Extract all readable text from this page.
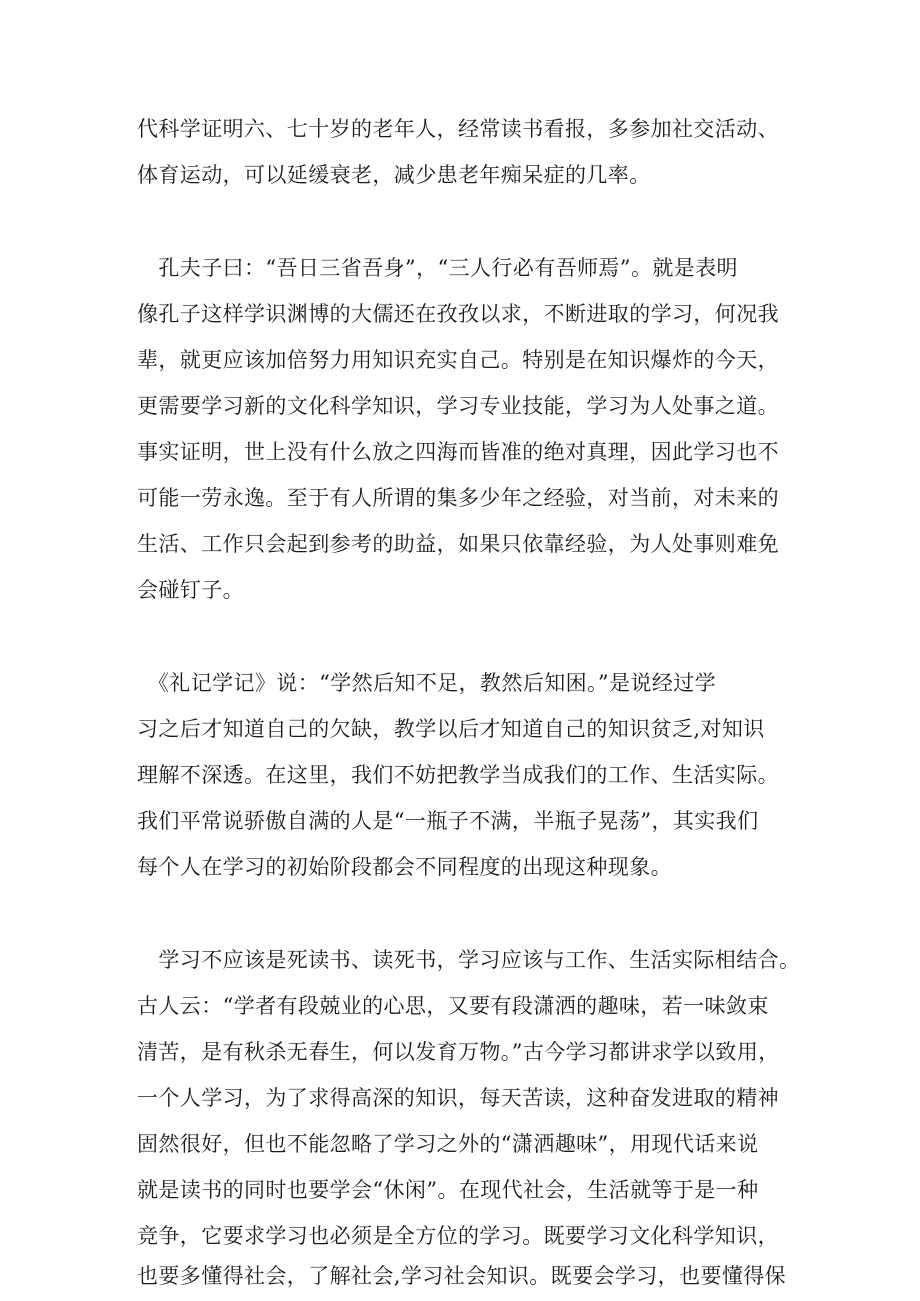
代科学证明六、七十岁的老年人，经常读书看报，多参加社交活动、
体育运动，可以延缓衰老，减少患老年痴呆症的几率。
　孔夫子曰：“吾日三省吾身”，“三人行必有吾师焉”。就是表明
像孔子这样学识渊博的大儒还在孜孜以求，不断进取的学习，何况我
辈，就更应该加倍努力用知识充实自己。特别是在知识爆炸的今天，
更需要学习新的文化科学知识，学习专业技能，学习为人处事之道。
事实证明，世上没有什么放之四海而皆准的绝对真理，因此学习也不
可能一劳永逸。至于有人所谓的集多少年之经验，对当前，对未来的
生活、工作只会起到参考的助益，如果只依靠经验，为人处事则难免
会碰钉子。
　《礼记学记》说：“学然后知不足，教然后知困。”是说经过学
习之后才知道自己的欠缺，教学以后才知道自己的知识贫乏,对知识
理解不深透。在这里，我们不妨把教学当成我们的工作、生活实际。
我们平常说骄傲自满的人是“一瓶子不满，半瓶子晃荡”，其实我们
每个人在学习的初始阶段都会不同程度的出现这种现象。
　学习不应该是死读书、读死书，学习应该与工作、生活实际相结合。
古人云：“学者有段兢业的心思，又要有段潇洒的趣味，若一味敛束
清苦，是有秋杀无春生，何以发育万物。”古今学习都讲求学以致用，
一个人学习，为了求得高深的知识，每天苦读，这种奋发进取的精神
固然很好，但也不能忽略了学习之外的“潇洒趣味”，用现代话来说
就是读书的同时也要学会“休闲”。在现代社会，生活就等于是一种
竞争，它要求学习也必须是全方位的学习。既要学习文化科学知识，
也要多懂得社会，了解社会,学习社会知识。既要会学习，也要懂得保
